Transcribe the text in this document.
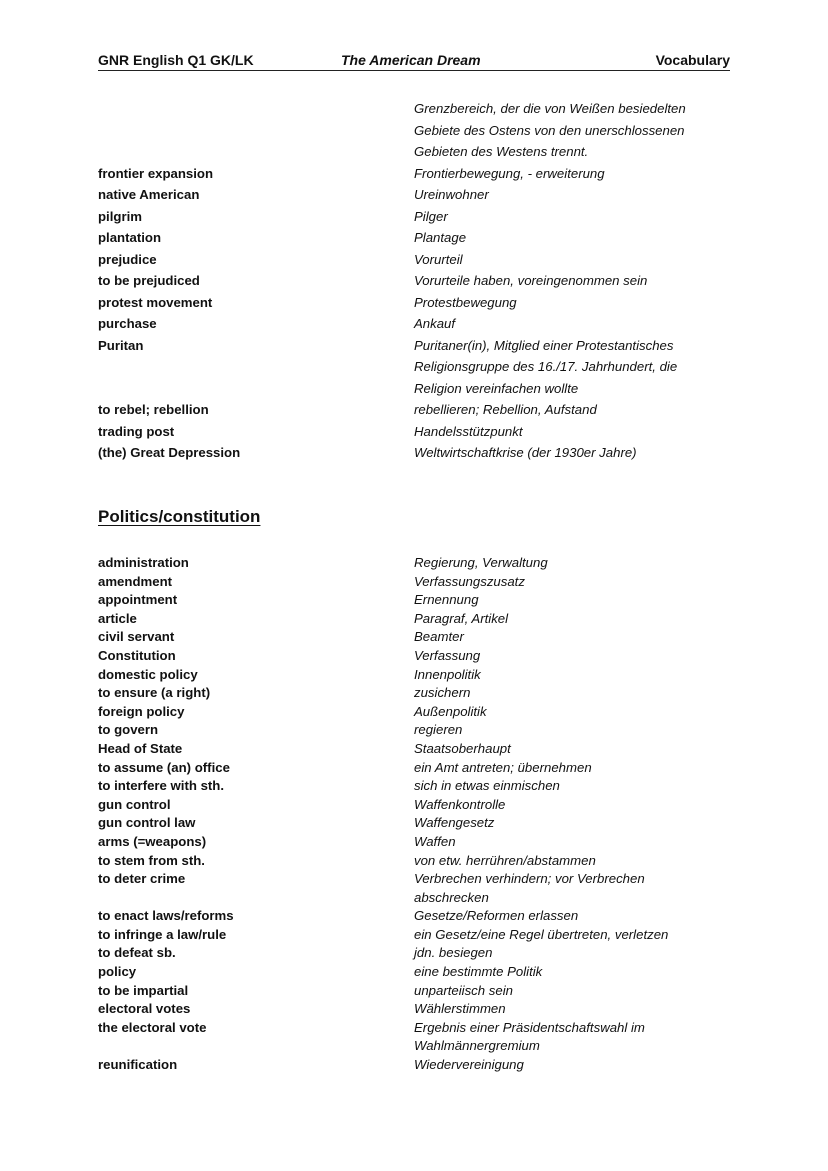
GNR English Q1 GK/LK	The American Dream	Vocabulary
Grenzbereich, der die von Weißen besiedelten
Gebiete des Ostens von den unerschlossenen
Gebieten des Westens trennt.
frontier expansion	Frontierbewegung, - erweiterung
native American	Ureinwohner
pilgrim	Pilger
plantation	Plantage
prejudice	Vorurteil
to be prejudiced	Vorurteile haben, voreingenommen sein
protest movement	Protestbewegung
purchase	Ankauf
Puritan	Puritaner(in), Mitglied einer Protestantisches
Religionsgruppe des 16./17. Jahrhundert, die
Religion vereinfachen wollte
to rebel; rebellion	rebellieren; Rebellion, Aufstand
trading post	Handelsstützpunkt
(the) Great Depression	Weltwirtschaftkrise (der 1930er Jahre)
Politics/constitution
administration	Regierung, Verwaltung
amendment	Verfassungszusatz
appointment	Ernennung
article	Paragraf, Artikel
civil servant	Beamter
Constitution	Verfassung
domestic policy	Innenpolitik
to ensure (a right)	zusichern
foreign policy	Außenpolitik
to govern	regieren
Head of State	Staatsoberhaupt
to assume (an) office	ein Amt antreten; übernehmen
to interfere with sth.	sich in etwas einmischen
gun control	Waffenkontrolle
gun control law	Waffengesetz
arms (=weapons)	Waffen
to stem from sth.	von etw. herrühren/abstammen
to deter crime	Verbrechen verhindern; vor Verbrechen
abschrecken
to enact laws/reforms	Gesetze/Reformen erlassen
to infringe a law/rule	ein Gesetz/eine Regel übertreten, verletzen
to defeat sb.	jdn. besiegen
policy	eine bestimmte Politik
to be impartial	unparteiisch sein
electoral votes	Wählerstimmen
the electoral vote	Ergebnis einer Präsidentschaftswahl im
Wahlmännergremium
reunification	Wiedervereinigung
